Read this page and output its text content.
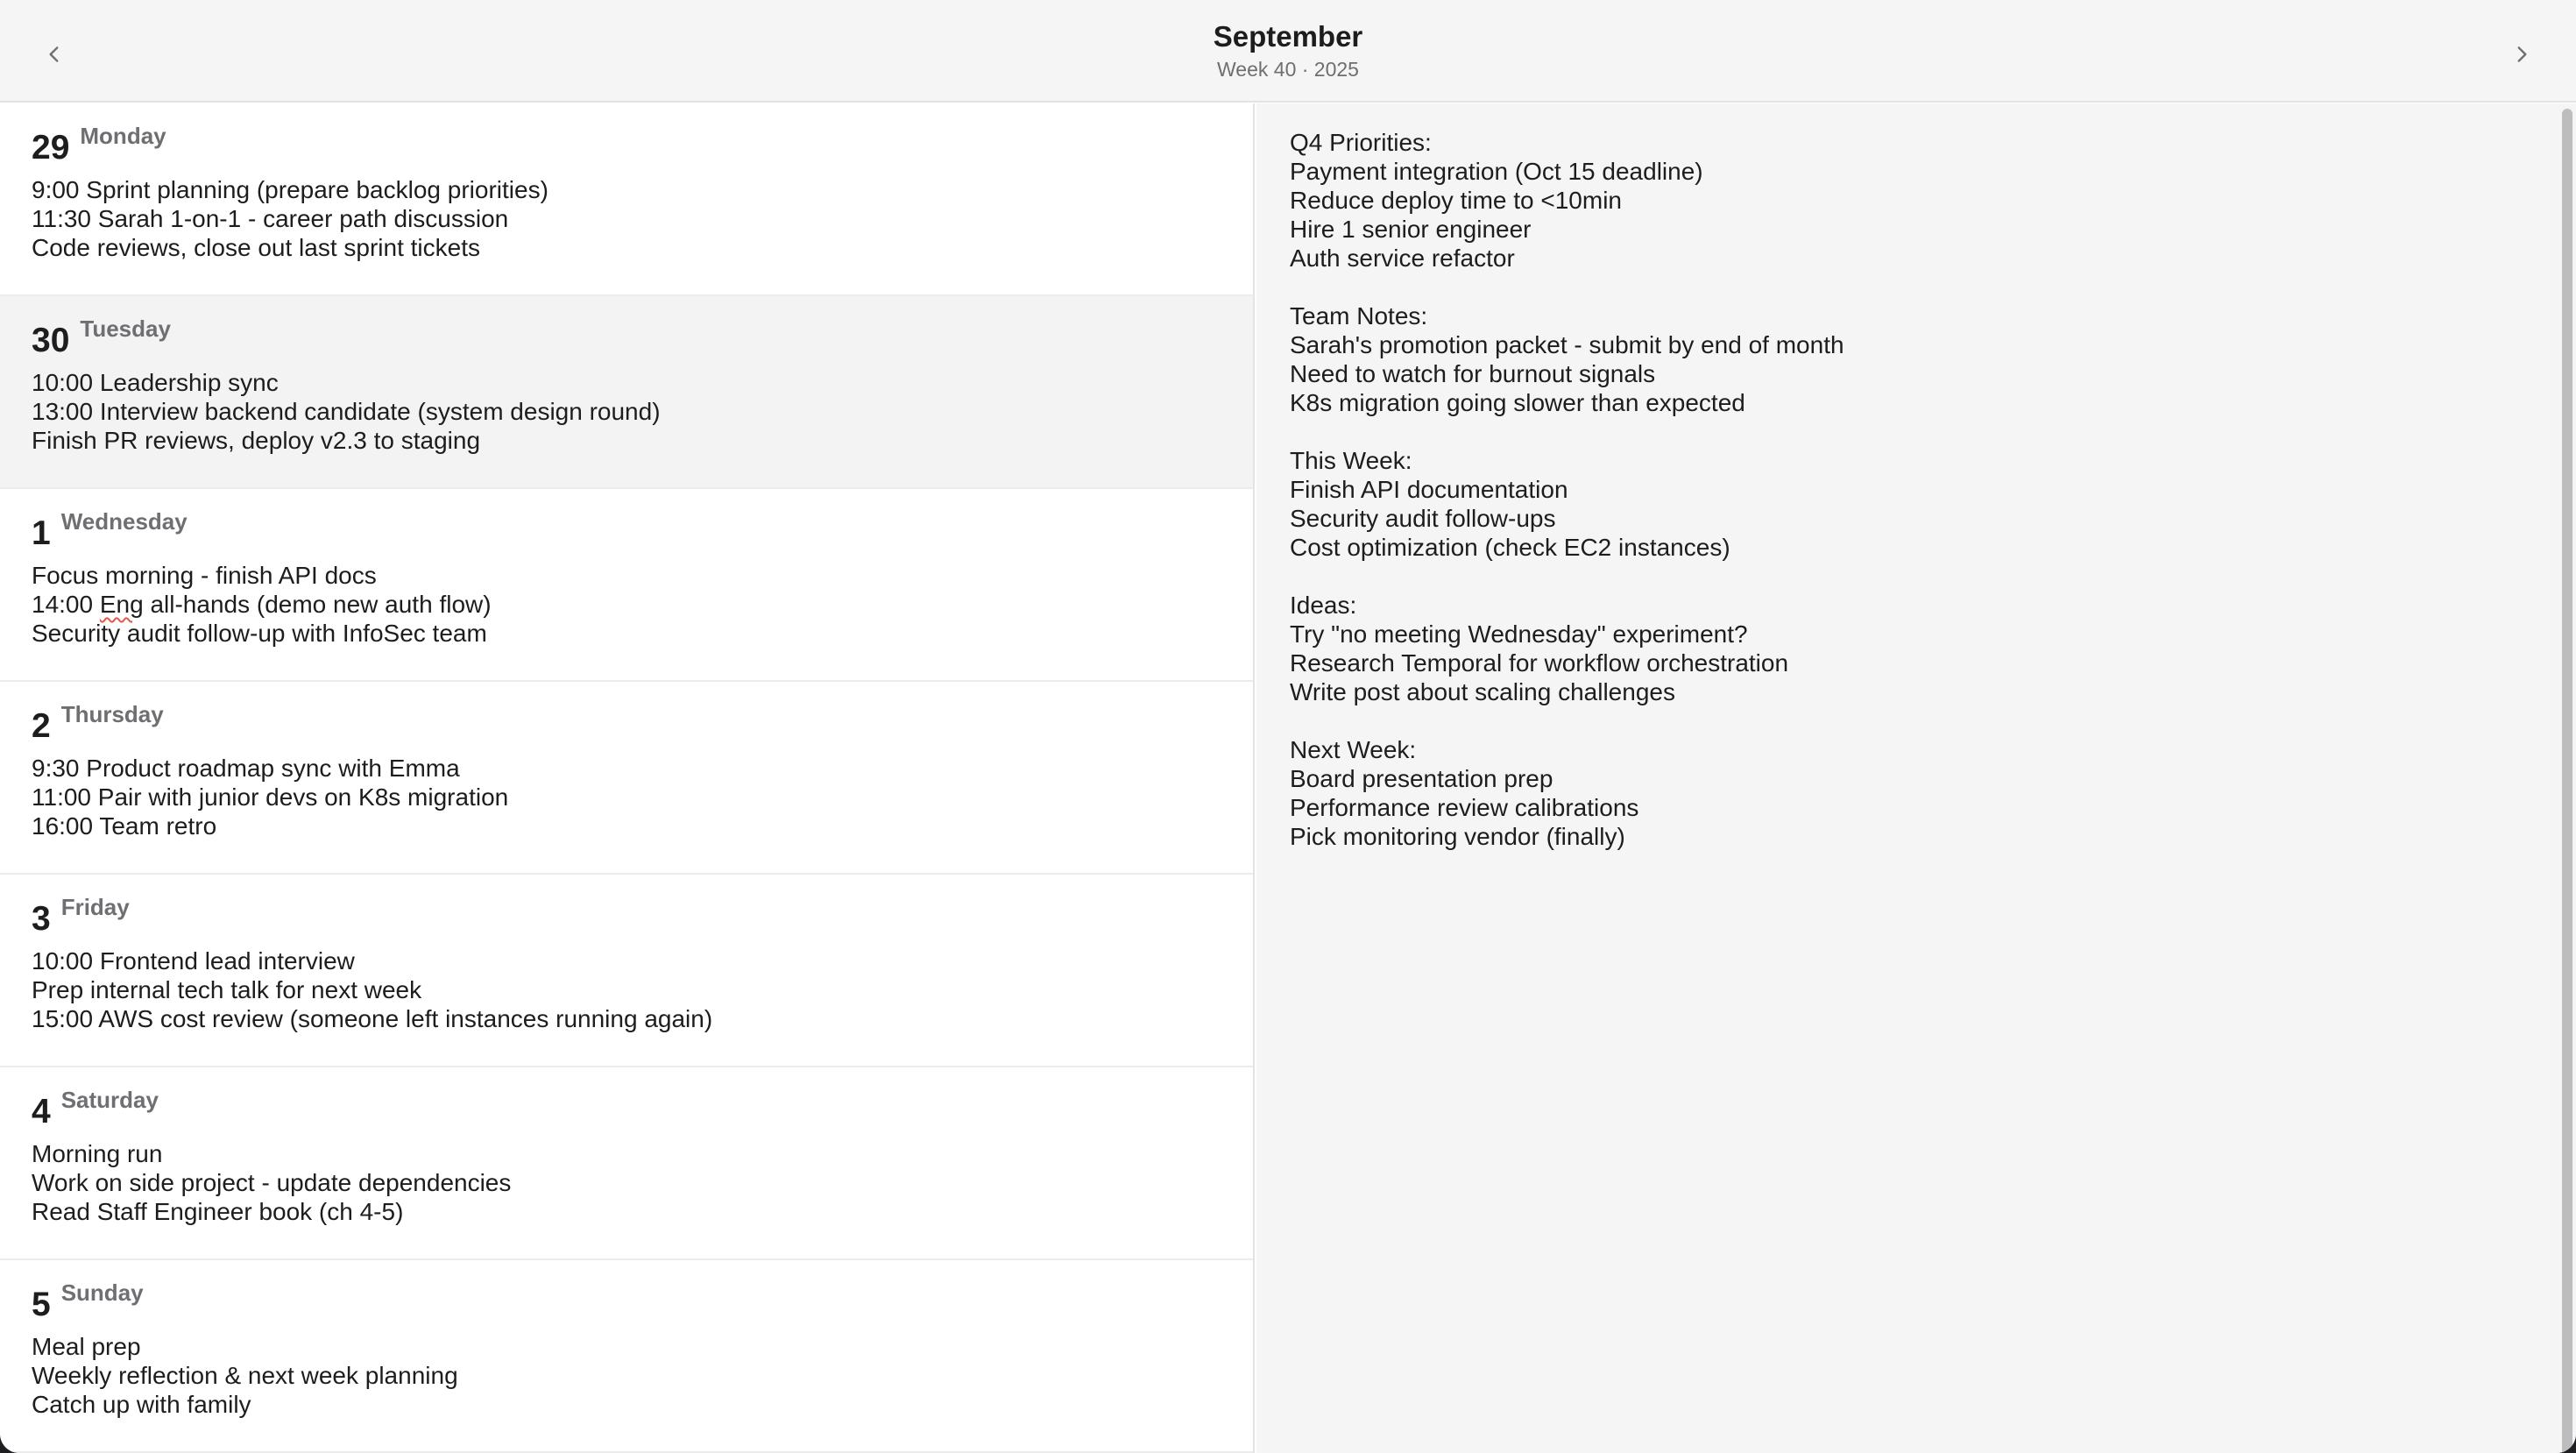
September
Week 40 · 2025
29 Monday
9:00 Sprint planning (prepare backlog priorities)
11:30 Sarah 1-on-1 - career path discussion
Code reviews, close out last sprint tickets
30 Tuesday
10:00 Leadership sync
13:00 Interview backend candidate (system design round)
Finish PR reviews, deploy v2.3 to staging
1 Wednesday
Focus morning - finish API docs
14:00 Eng all-hands (demo new auth flow)
Security audit follow-up with InfoSec team
2 Thursday
9:30 Product roadmap sync with Emma
11:00 Pair with junior devs on K8s migration
16:00 Team retro
3 Friday
10:00 Frontend lead interview
Prep internal tech talk for next week
15:00 AWS cost review (someone left instances running again)
4 Saturday
Morning run
Work on side project - update dependencies
Read Staff Engineer book (ch 4-5)
5 Sunday
Meal prep
Weekly reflection & next week planning
Catch up with family
Q4 Priorities:
Payment integration (Oct 15 deadline)
Reduce deploy time to <10min
Hire 1 senior engineer
Auth service refactor
Team Notes:
Sarah's promotion packet - submit by end of month
Need to watch for burnout signals
K8s migration going slower than expected
This Week:
Finish API documentation
Security audit follow-ups
Cost optimization (check EC2 instances)
Ideas:
Try "no meeting Wednesday" experiment?
Research Temporal for workflow orchestration
Write post about scaling challenges
Next Week:
Board presentation prep
Performance review calibrations
Pick monitoring vendor (finally)
